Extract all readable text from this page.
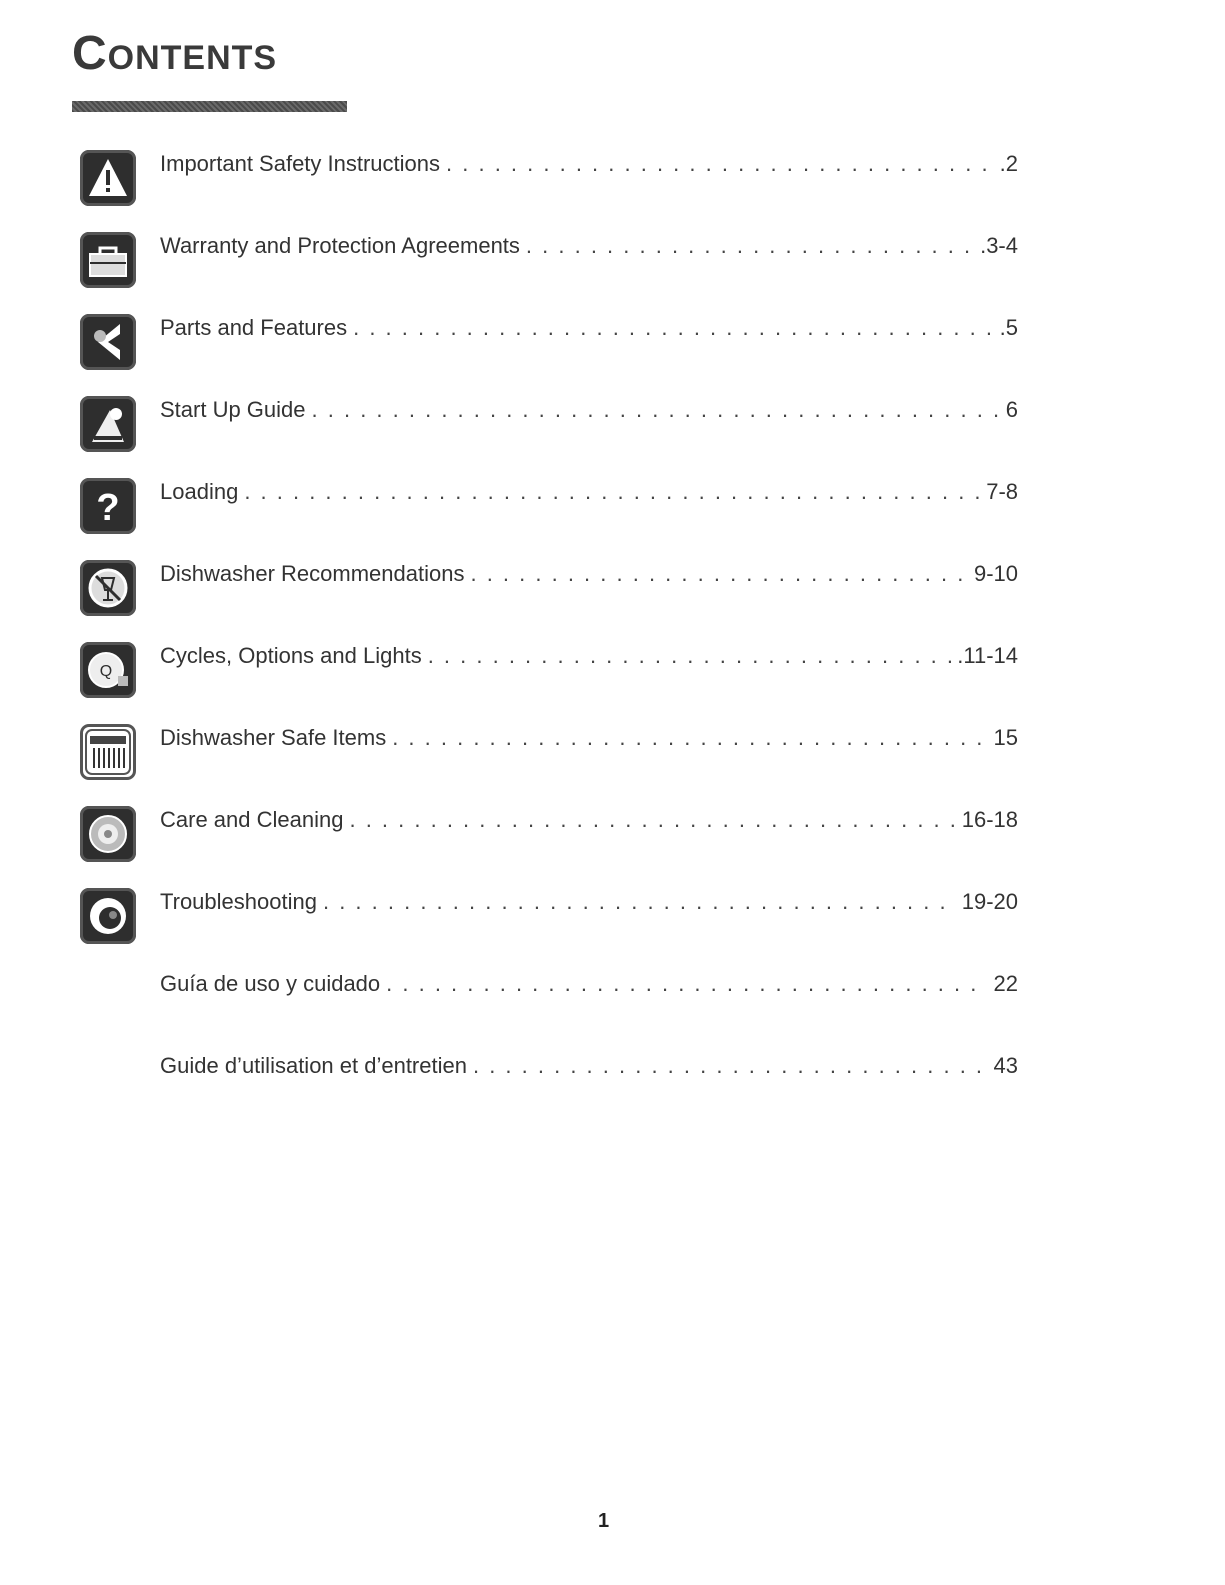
Contents
Important Safety Instructions . . .	.2
Warranty and Protection Agreements . . .	.3-4
Parts and Features . . .	.5
Start Up Guide . . .	6
? Loading . . .	7-8
Dishwasher Recommendations . . .	9-10
Q
Cycles, Options and Lights . . .	.11-14
Dishwasher Safe Items . . .	15
Care and Cleaning . . .	16-18
Troubleshooting . . .	19-20
Guía de uso y cuidado . . .	22
Guide d’utilisation et d’entretien . . .	43
1
